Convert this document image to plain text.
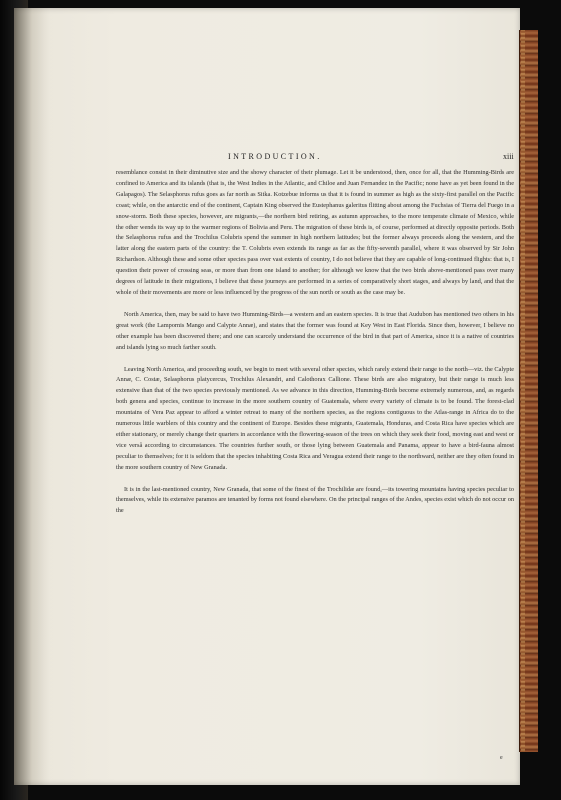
INTRODUCTION.	xiii

resemblance consist in their diminutive size and the showy character of their plumage. Let it be understood, then, once for all, that the Humming-Birds are confined to America and its islands (that is, the West Indies in the Atlantic, and Chiloe and Juan Fernandez in the Pacific; none have as yet been found in the Galapagos). The Selasphorus rufus goes as far north as Sitka. Kotzebue informs us that it is found in summer as high as the sixty-first parallel on the Pacific coast; while, on the antarctic end of the continent, Captain King observed the Eustephanus galeritus flitting about among the Fuchsias of Tierra del Fuego in a snow-storm. Both these species, however, are migrants,—the northern bird retiring, as autumn approaches, to the more temperate climate of Mexico, while the other wends its way up to the warmer regions of Bolivia and Peru. The migration of these birds is, of course, performed at directly opposite periods. Both the Selasphorus rufus and the Trochilus Colubris spend the summer in high northern latitudes; but the former always proceeds along the western, and the latter along the eastern parts of the country: the T. Colubris even extends its range as far as the fifty-seventh parallel, where it was observed by Sir John Richardson. Although these and some other species pass over vast extents of country, I do not believe that they are capable of long-continued flights: that is, I question their power of crossing seas, or more than from one island to another; for although we know that the two birds above-mentioned pass over many degrees of latitude in their migrations, I believe that these journeys are performed in a series of comparatively short stages, and always by land, and that the whole of their movements are more or less influenced by the progress of the sun north or south as the case may be.

North America, then, may be said to have two Humming-Birds—a western and an eastern species. It is true that Audubon has mentioned two others in his great work (the Lampornis Mango and Calypte Annæ), and states that the former was found at Key West in East Florida. Since then, however, I believe no other example has been discovered there; and one can scarcely understand the occurrence of the bird in that part of America, since it is a native of countries and islands lying so much farther south.

Leaving North America, and proceeding south, we begin to meet with several other species, which rarely extend their range to the north—viz. the Calypte Annæ, C. Costæ, Selasphorus platycercus, Trochilus Alexandri, and Calothorax Callione. These birds are also migratory, but their range is much less extensive than that of the two species previously mentioned. As we advance in this direction, Humming-Birds become extremely numerous, and, as regards both genera and species, continue to increase in the more southern country of Guatemala, where every variety of climate is to be found. The forest-clad mountains of Vera Paz appear to afford a winter retreat to many of the northern species, as the regions contiguous to the Atlas-range in Africa do to the numerous little warblers of this country and the continent of Europe. Besides these migrants, Guatemala, Honduras, and Costa Rica have species which are either stationary, or merely change their quarters in accordance with the flowering-season of the trees on which they seek their food, moving east and west or vice versâ according to circumstances. The countries further south, or those lying between Guatemala and Panama, appear to have a bird-fauna almost peculiar to themselves; for it is seldom that the species inhabiting Costa Rica and Veragua extend their range to the northward, neither are they often found in the more southern country of New Granada.

It is in the last-mentioned country, New Granada, that some of the finest of the Trochilidæ are found,—its towering mountains having species peculiar to themselves, while its extensive paramos are tenanted by forms not found elsewhere. On the principal ranges of the Andes, species exist which do not occur on the

e
